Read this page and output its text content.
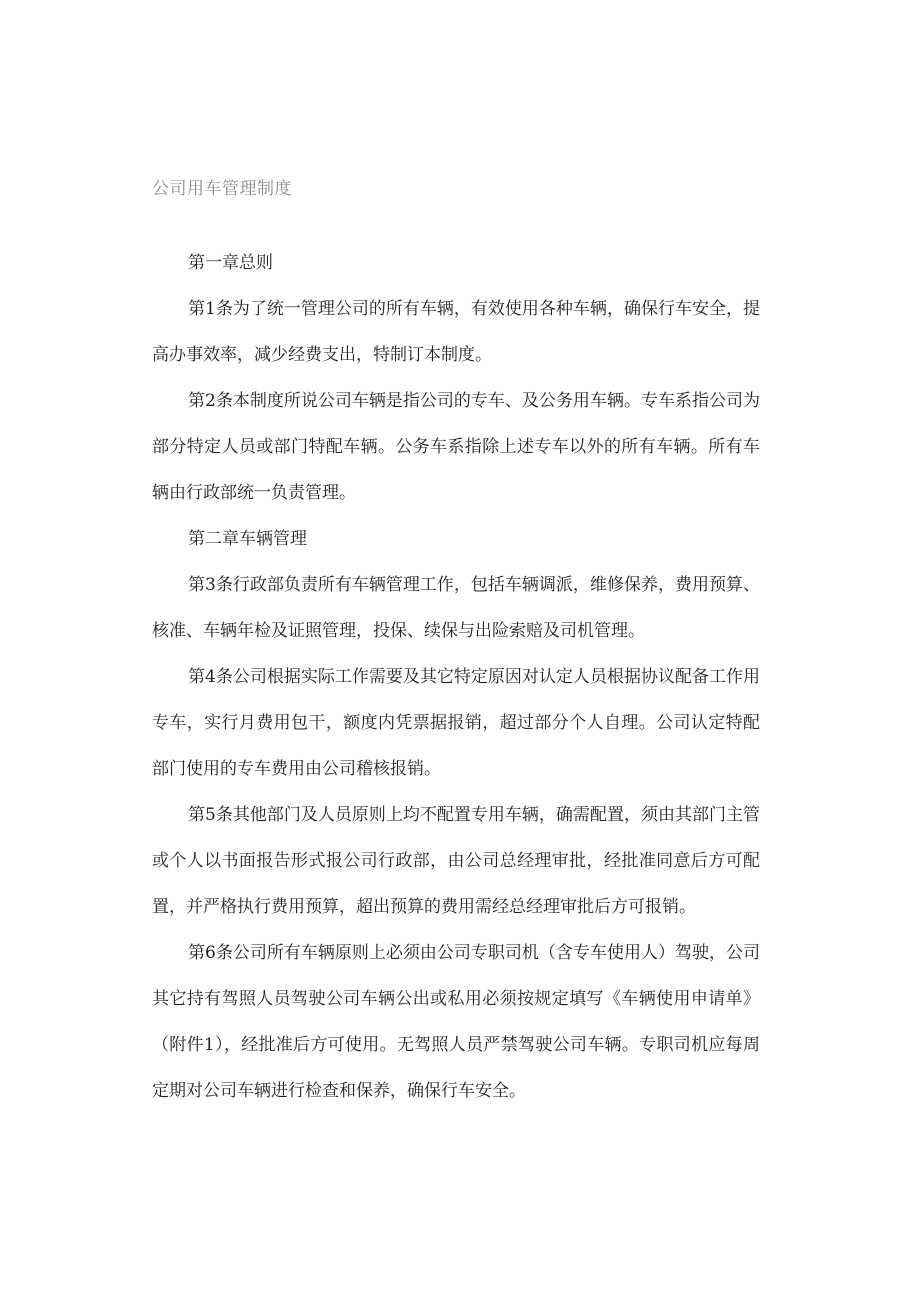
公司用车管理制度

第一章总则

第1条为了统一管理公司的所有车辆，有效使用各种车辆，确保行车安全，提高办事效率，减少经费支出，特制订本制度。

第2条本制度所说公司车辆是指公司的专车、及公务用车辆。专车系指公司为部分特定人员或部门特配车辆。公务车系指除上述专车以外的所有车辆。所有车辆由行政部统一负责管理。

第二章车辆管理

第3条行政部负责所有车辆管理工作，包括车辆调派，维修保养，费用预算、核准、车辆年检及证照管理，投保、续保与出险索赔及司机管理。

第4条公司根据实际工作需要及其它特定原因对认定人员根据协议配备工作用专车，实行月费用包干，额度内凭票据报销，超过部分个人自理。公司认定特配部门使用的专车费用由公司稽核报销。

第5条其他部门及人员原则上均不配置专用车辆，确需配置，须由其部门主管或个人以书面报告形式报公司行政部，由公司总经理审批，经批准同意后方可配置，并严格执行费用预算，超出预算的费用需经总经理审批后方可报销。

第6条公司所有车辆原则上必须由公司专职司机（含专车使用人）驾驶，公司其它持有驾照人员驾驶公司车辆公出或私用必须按规定填写《车辆使用申请单》（附件1），经批准后方可使用。无驾照人员严禁驾驶公司车辆。专职司机应每周定期对公司车辆进行检查和保养，确保行车安全。
